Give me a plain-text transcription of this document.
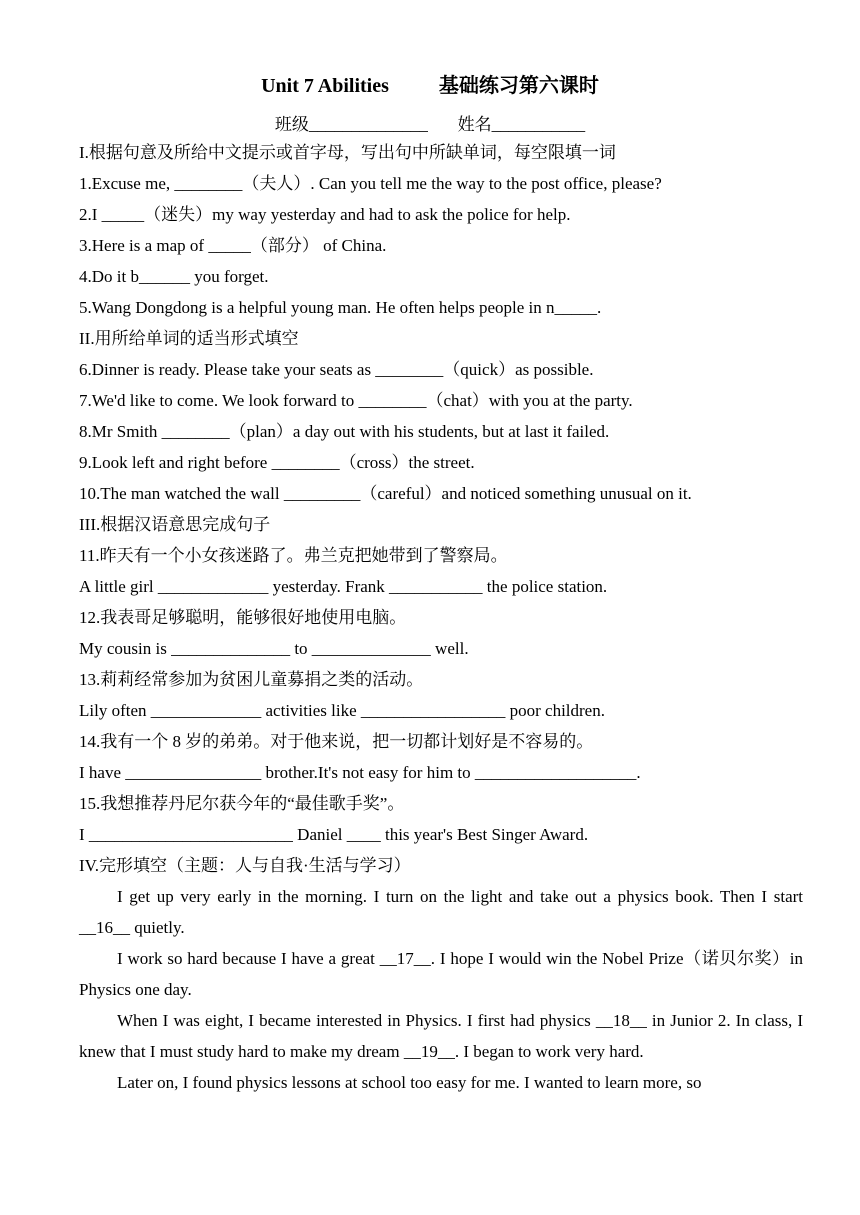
Unit 7 Abilities          基础练习第六课时
班级______________       姓名___________
I.根据句意及所给中文提示或首字母，写出句中所缺单词，每空限填一词
1.Excuse me, ________（夫人）. Can you tell me the way to the post office, please?
2.I _____（迷失）my way yesterday and had to ask the police for help.
3.Here is a map of _____（部分） of China.
4.Do it b______ you forget.
5.Wang Dongdong is a helpful young man. He often helps people in n_____.
II.用所给单词的适当形式填空
6.Dinner is ready. Please take your seats as ________（quick）as possible.
7.We'd like to come. We look forward to ________（chat）with you at the party.
8.Mr Smith ________（plan）a day out with his students, but at last it failed.
9.Look left and right before ________（cross）the street.
10.The man watched the wall _________（careful）and noticed something unusual on it.
III.根据汉语意思完成句子
11.昨天有一个小女孩迷路了。弗兰克把她带到了警察局。
A little girl _____________ yesterday. Frank ___________ the police station.
12.我表哥足够聪明，能够很好地使用电脑。
My cousin is ______________ to ______________ well.
13.莉莉经常参加为贫困儿童募捐之类的活动。
Lily often _____________ activities like _________________ poor children.
14.我有一个 8 岁的弟弟。对于他来说，把一切都计划好是不容易的。
I have ________________ brother.It's not easy for him to ___________________.
15.我想推荐丹尼尔获今年的“最佳歌手奖”。
I ________________________ Daniel ____ this year's Best Singer Award.
IV.完形填空（主题：人与自我·生活与学习）
I get up very early in the morning. I turn on the light and take out a physics book. Then I start __16__ quietly.
I work so hard because I have a great __17__. I hope I would win the Nobel Prize（诺贝尔奖）in Physics one day.
When I was eight, I became interested in Physics. I first had physics __18__ in Junior 2. In class, I knew that I must study hard to make my dream __19__. I began to work very hard.
Later on, I found physics lessons at school too easy for me. I wanted to learn more, so
